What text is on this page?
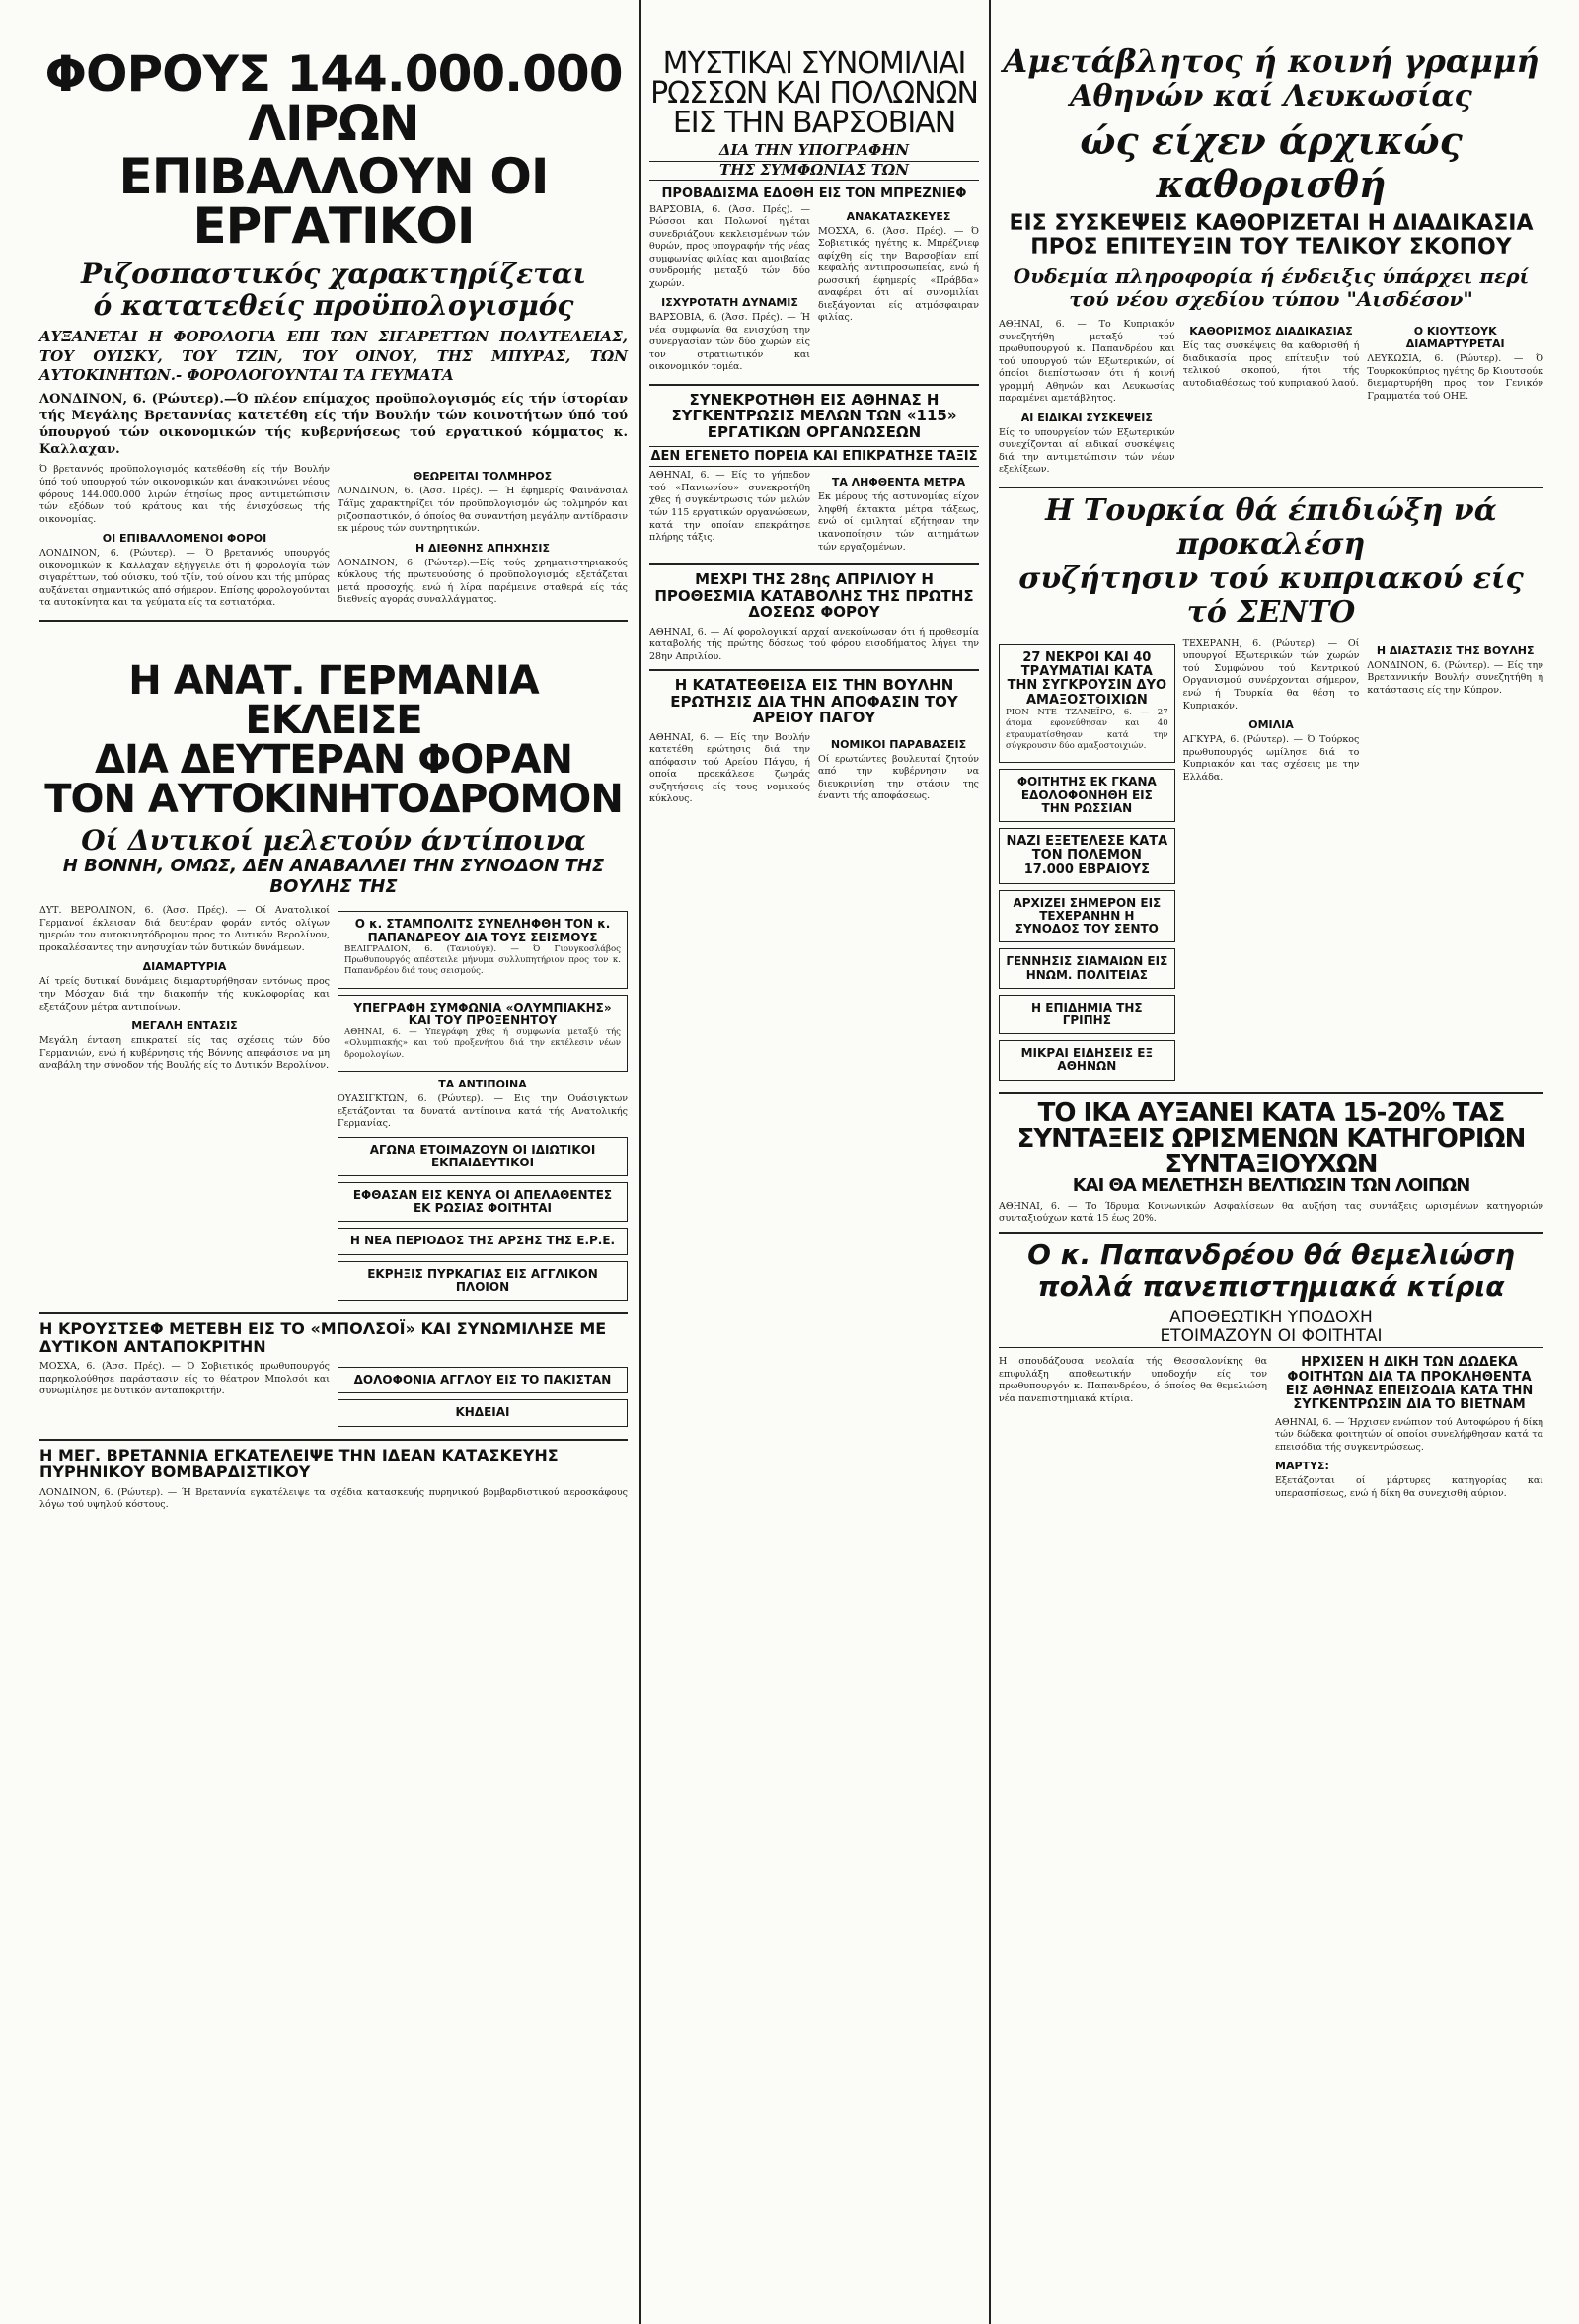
ΦΟΡΟΥΣ 144.000.000 ΛΙΡΩΝ
ΕΠΙΒΑΛΛΟΥΝ ΟΙ ΕΡΓΑΤΙΚΟΙ
Ριζοσπαστικός χαρακτηρίζεται
ό κατατεθείς προϋπολογισμός
ΑΥΞΑΝΕΤΑΙ Η ΦΟΡΟΛΟΓΙΑ ΕΠΙ ΤΩΝ ΣΙΓΑΡΕΤΤΩΝ ΠΟΛΥΤΕΛΕΙΑΣ, ΤΟΥ ΟΥΙΣΚΥ, ΤΟΥ ΤΖΙΝ, ΤΟΥ ΟΙΝΟΥ, ΤΗΣ ΜΠΥΡΑΣ, ΤΩΝ ΑΥΤΟΚΙΝΗΤΩΝ.- ΦΟΡΟΛΟΓΟΥΝΤΑΙ ΤΑ ΓΕΥΜΑΤΑ
ΛΟΝΔΙΝΟΝ, 6. (Ρώυτερ).—Ό πλέον επίμαχος προϋπολογισμός είς τήν ίστορίαν τής Μεγάλης Βρεταννίας κατετέθη είς τήν Βουλήν τών κοινοτήτων ύπό τού ύπουργού τών οικονομικών τής κυβερνήσεως τού εργατικού κόμματος κ. Καλλαχαν.

Ό βρεταννός προϋπολογισμός κατεθέσθη είς τήν Βουλήν ύπό τού υπουργού τών οικονομικών και άνακοινώνει νέους φόρους 144.000.000 λιρών έτησίως προς αντιμετώπισιν τών εξόδων τού κράτους και τής ένισχύσεως τής οικονομίας.

ΟΙ ΕΠΙΒΑΛΛΟΜΕΝΟΙ ΦΟΡΟΙ

ΛΟΝΔΙΝΟΝ, 6. (Ρώυτερ). — Ό βρεταννός υπουργός οικονομικών κ. Καλλαχαν εξήγγειλε ότι ή φορολογία τών σιγαρέττων, τού ούισκυ, τού τζίν, τού οίνου και τής μπύρας αυξάνεται σημαντικώς από σήμερον. Επίσης φορολογούνται τα αυτοκίνητα και τα γεύματα είς τα εστιατόρια.

ΘΕΩΡΕΙΤΑΙ ΤΟΛΜΗΡΟΣ

ΛΟΝΔΙΝΟΝ, 6. (Άσσ. Πρές). — Ή έφημερίς Φαϊνάνσιαλ Τάϊμς χαρακτηρίζει τόν προϋπολογισμόν ώς τολμηρόν και ριζοσπαστικόν, ό όποίος θα συναντήση μεγάλην αντίδρασιν εκ μέρους τών συντηρητικών.

Η ΔΙΕΘΝΗΣ ΑΠΗΧΗΣΙΣ

ΛΟΝΔΙΝΟΝ, 6. (Ρώυτερ).—Είς τούς χρηματιστηριακούς κύκλους τής πρωτευούσης ό προϋπολογισμός εξετάζεται μετά προσοχής, ενώ ή λίρα παρέμεινε σταθερά είς τάς διεθνείς αγοράς συναλλάγματος.

Η ΑΝΑΤ. ΓΕΡΜΑΝΙΑ ΕΚΛΕΙΣΕ
ΔΙΑ ΔΕΥΤΕΡΑΝ ΦΟΡΑΝ
ΤΟΝ ΑΥΤΟΚΙΝΗΤΟΔΡΟΜΟΝ
Οί Δυτικοί μελετούν άντίποινα
Η ΒΟΝΝΗ, ΟΜΩΣ, ΔΕΝ ΑΝΑΒΑΛΛΕΙ ΤΗΝ ΣΥΝΟΔΟΝ ΤΗΣ ΒΟΥΛΗΣ ΤΗΣ

ΔΥΤ. ΒΕΡΟΛΙΝΟΝ, 6. (Άσσ. Πρές). — Οί Ανατολικοί Γερμανοί έκλεισαν διά δευτέραν φοράν εντός ολίγων ημερών τον αυτοκινητόδρομον προς το Δυτικόν Βερολίνον, προκαλέσαντες την ανησυχίαν τών δυτικών δυνάμεων.

ΔΙΑΜΑΡΤΥΡΙΑ

Αί τρείς δυτικαί δυνάμεις διεμαρτυρήθησαν εντόνως προς την Μόσχαν διά την διακοπήν τής κυκλοφορίας και εξετάζουν μέτρα αντιποίνων.

ΜΕΓΑΛΗ ΕΝΤΑΣΙΣ

Μεγάλη ένταση επικρατεί είς τας σχέσεις τών δύο Γερμανιών, ενώ ή κυβέρνησις τής Βόννης απεφάσισε να μη αναβάλη την σύνοδον τής Βουλής είς το Δυτικόν Βερολίνον.

Ο κ. ΣΤΑΜΠΟΛΙΤΣ ΣΥΝΕΛΗΦΘΗ ΤΟΝ κ. ΠΑΠΑΝΔΡΕΟΥ ΔΙΑ ΤΟΥΣ ΣΕΙΣΜΟΥΣ

ΒΕΛΙΓΡΑΔΙΟΝ, 6. (Τανιούγκ). — Ό Γιουγκοσλάβος Πρωθυπουργός απέστειλε μήνυμα συλλυπητήριον προς τον κ. Παπανδρέου διά τους σεισμούς.

ΥΠΕΓΡΑΦΗ ΣΥΜΦΩΝΙΑ «ΟΛΥΜΠΙΑΚΗΣ» ΚΑΙ ΤΟΥ ΠΡΟΞΕΝΗΤΟΥ

ΑΘΗΝΑΙ, 6. — Υπεγράφη χθες ή συμφωνία μεταξύ τής «Ολυμπιακής» και τού προξενήτου διά την εκτέλεσιν νέων δρομολογίων.

ΤΑ ΑΝΤΙΠΟΙΝΑ

ΟΥΑΣΙΓΚΤΩΝ, 6. (Ρώυτερ). — Εις την Ουάσιγκτων εξετάζονται τα δυνατά αντίποινα κατά τής Ανατολικής Γερμανίας.

ΑΓΩΝΑ ΕΤΟΙΜΑΖΟΥΝ ΟΙ ΙΔΙΩΤΙΚΟΙ ΕΚΠΑΙΔΕΥΤΙΚΟΙ
ΕΦΘΑΣΑΝ ΕΙΣ ΚΕΝΥΑ ΟΙ ΑΠΕΛΑΘΕΝΤΕΣ ΕΚ ΡΩΣΙΑΣ ΦΟΙΤΗΤΑΙ
Η ΝΕΑ ΠΕΡΙΟΔΟΣ ΤΗΣ ΑΡΣΗΣ ΤΗΣ Ε.Ρ.Ε.
ΕΚΡΗΞΙΣ ΠΥΡΚΑΓΙΑΣ ΕΙΣ ΑΓΓΛΙΚΟΝ ΠΛΟΙΟΝ
Η ΚΡΟΥΣΤΣΕΦ ΜΕΤΕΒΗ ΕΙΣ ΤΟ «ΜΠΟΛΣΟΪ» ΚΑΙ ΣΥΝΩΜΙΛΗΣΕ ΜΕ ΔΥΤΙΚΟΝ ΑΝΤΑΠΟΚΡΙΤΗΝ

ΜΟΣΧΑ, 6. (Άσσ. Πρές). — Ό Σοβιετικός πρωθυπουργός παρηκολούθησε παράστασιν είς το θέατρον Μπολσόι και συνωμίλησε με δυτικόν ανταποκριτήν.

ΔΟΛΟΦΟΝΙΑ ΑΓΓΛΟΥ ΕΙΣ ΤΟ ΠΑΚΙΣΤΑΝ
ΚΗΔΕΙΑΙ
Η ΜΕΓ. ΒΡΕΤΑΝΝΙΑ ΕΓΚΑΤΕΛΕΙΨΕ ΤΗΝ ΙΔΕΑΝ ΚΑΤΑΣΚΕΥΗΣ ΠΥΡΗΝΙΚΟΥ ΒΟΜΒΑΡΔΙΣΤΙΚΟΥ

ΛΟΝΔΙΝΟΝ, 6. (Ρώυτερ). — Ή Βρεταννία εγκατέλειψε τα σχέδια κατασκευής πυρηνικού βομβαρδιστικού αεροσκάφους λόγω τού υψηλού κόστους.

ΜΥΣΤΙΚΑΙ ΣΥΝΟΜΙΛΙΑΙ
ΡΩΣΣΩΝ ΚΑΙ ΠΟΛΩΝΩΝ
ΕΙΣ ΤΗΝ ΒΑΡΣΟΒΙΑΝ
ΔΙΑ ΤΗΝ ΥΠΟΓΡΑΦΗΝ
ΤΗΣ ΣΥΜΦΩΝΙΑΣ ΤΩΝ
ΠΡΟΒΑΔΙΣΜΑ ΕΔΟΘΗ ΕΙΣ ΤΟΝ ΜΠΡΕΖΝΙΕΦ

ΒΑΡΣΟΒΙΑ, 6. (Άσσ. Πρές). — Ρώσσοι και Πολωνοί ηγέται συνεδριάζουν κεκλεισμένων τών θυρών, προς υπογραφήν τής νέας συμφωνίας φιλίας και αμοιβαίας συνδρομής μεταξύ τών δύο χωρών.

ΙΣΧΥΡΟΤΑΤΗ ΔΥΝΑΜΙΣ

ΒΑΡΣΟΒΙΑ, 6. (Άσσ. Πρές). — Ή νέα συμφωνία θα ενισχύση την συνεργασίαν τών δύο χωρών είς τον στρατιωτικόν και οικονομικόν τομέα.

ΑΝΑΚΑΤΑΣΚΕΥΕΣ

ΜΟΣΧΑ, 6. (Άσσ. Πρές). — Ό Σοβιετικός ηγέτης κ. Μπρέζνιεφ αφίχθη είς την Βαρσοβίαν επί κεφαλής αντιπροσωπείας, ενώ ή ρωσσική έφημερίς «Πράβδα» αναφέρει ότι αί συνομιλίαι διεξάγονται είς ατμόσφαιραν φιλίας.

ΣΥΝΕΚΡΟΤΗΘΗ ΕΙΣ ΑΘΗΝΑΣ Η ΣΥΓΚΕΝΤΡΩΣΙΣ ΜΕΛΩΝ ΤΩΝ «115» ΕΡΓΑΤΙΚΩΝ ΟΡΓΑΝΩΣΕΩΝ
ΔΕΝ ΕΓΕΝΕΤΟ ΠΟΡΕΙΑ ΚΑΙ ΕΠΙΚΡΑΤΗΣΕ ΤΑΞΙΣ

ΑΘΗΝΑΙ, 6. — Είς το γήπεδον τού «Πανιωνίου» συνεκροτήθη χθες ή συγκέντρωσις τών μελών τών 115 εργατικών οργανώσεων, κατά την οποίαν επεκράτησε πλήρης τάξις.

ΤΑ ΛΗΦΘΕΝΤΑ ΜΕΤΡΑ

Εκ μέρους τής αστυνομίας είχον ληφθή έκτακτα μέτρα τάξεως, ενώ οί ομιληταί εζήτησαν την ικανοποίησιν τών αιτημάτων τών εργαζομένων.

ΜΕΧΡΙ ΤΗΣ 28ης ΑΠΡΙΛΙΟΥ Η ΠΡΟΘΕΣΜΙΑ ΚΑΤΑΒΟΛΗΣ ΤΗΣ ΠΡΩΤΗΣ ΔΟΣΕΩΣ ΦΟΡΟΥ

ΑΘΗΝΑΙ, 6. — Αί φορολογικαί αρχαί ανεκοίνωσαν ότι ή προθεσμία καταβολής τής πρώτης δόσεως τού φόρου εισοδήματος λήγει την 28ην Απριλίου.

Η ΚΑΤΑΤΕΘΕΙΣΑ ΕΙΣ ΤΗΝ ΒΟΥΛΗΝ ΕΡΩΤΗΣΙΣ ΔΙΑ ΤΗΝ ΑΠΟΦΑΣΙΝ ΤΟΥ ΑΡΕΙΟΥ ΠΑΓΟΥ

ΑΘΗΝΑΙ, 6. — Είς την Βουλήν κατετέθη ερώτησις διά την απόφασιν τού Αρείου Πάγου, ή οποία προεκάλεσε ζωηράς συζητήσεις είς τους νομικούς κύκλους.

ΝΟΜΙΚΟΙ ΠΑΡΑΒΑΣΕΙΣ

Οί ερωτώντες βουλευταί ζητούν από την κυβέρνησιν να διευκρινίση την στάσιν της έναντι τής αποφάσεως.

Αμετάβλητος ή κοινή γραμμή
Αθηνών καί Λευκωσίας
ώς είχεν άρχικώς καθορισθή
ΕΙΣ ΣΥΣΚΕΨΕΙΣ ΚΑΘΟΡΙΖΕΤΑΙ Η ΔΙΑΔΙΚΑΣΙΑ
ΠΡΟΣ ΕΠΙΤΕΥΞΙΝ ΤΟΥ ΤΕΛΙΚΟΥ ΣΚΟΠΟΥ
Ουδεμία πληροφορία ή ένδειξις ύπάρχει περί τού νέου σχεδίου τύπου "Αισδέσον"

ΑΘΗΝΑΙ, 6. — Το Κυπριακόν συνεζητήθη μεταξύ τού πρωθυπουργού κ. Παπανδρέου και τού υπουργού τών Εξωτερικών, οί όποίοι διεπίστωσαν ότι ή κοινή γραμμή Αθηνών και Λευκωσίας παραμένει αμετάβλητος.

ΑΙ ΕΙΔΙΚΑΙ ΣΥΣΚΕΨΕΙΣ

Είς το υπουργείον τών Εξωτερικών συνεχίζονται αί ειδικαί συσκέψεις διά την αντιμετώπισιν τών νέων εξελίξεων.

ΚΑΘΟΡΙΣΜΟΣ ΔΙΑΔΙΚΑΣΙΑΣ

Είς τας συσκέψεις θα καθορισθή ή διαδικασία προς επίτευξιν τού τελικού σκοπού, ήτοι τής αυτοδιαθέσεως τού κυπριακού λαού.

Ο ΚΙΟΥΤΣΟΥΚ ΔΙΑΜΑΡΤΥΡΕΤΑΙ

ΛΕΥΚΩΣΙΑ, 6. (Ρώυτερ). — Ό Τουρκοκύπριος ηγέτης δρ Κιουτσούκ διεμαρτυρήθη προς τον Γενικόν Γραμματέα τού ΟΗΕ.

Η Τουρκία θά έπιδιώξη νά προκαλέση
συζήτησιν τού κυπριακού είς τό ΣΕΝΤΟ
27 ΝΕΚΡΟΙ ΚΑΙ 40 ΤΡΑΥΜΑΤΙΑΙ ΚΑΤΑ ΤΗΝ ΣΥΓΚΡΟΥΣΙΝ ΔΥΟ ΑΜΑΞΟΣΤΟΙΧΙΩΝ

ΡΙΟΝ ΝΤΕ ΤΖΑΝΕΪΡΟ, 6. — 27 άτομα εφονεύθησαν και 40 ετραυματίσθησαν κατά την σύγκρουσιν δύο αμαξοστοιχιών.

ΦΟΙΤΗΤΗΣ ΕΚ ΓΚΑΝΑ ΕΔΟΛΟΦΟΝΗΘΗ ΕΙΣ ΤΗΝ ΡΩΣΣΙΑΝ
ΝΑΖΙ ΕΞΕΤΕΛΕΣΕ ΚΑΤΑ ΤΟΝ ΠΟΛΕΜΟΝ 17.000 ΕΒΡΑΙΟΥΣ
ΑΡΧΙΖΕΙ ΣΗΜΕΡΟΝ ΕΙΣ ΤΕΧΕΡΑΝΗΝ Η ΣΥΝΟΔΟΣ ΤΟΥ ΣΕΝΤΟ
ΓΕΝΝΗΣΙΣ ΣΙΑΜΑΙΩΝ ΕΙΣ ΗΝΩΜ. ΠΟΛΙΤΕΙΑΣ
Η ΕΠΙΔΗΜΙΑ ΤΗΣ ΓΡΙΠΗΣ
ΜΙΚΡΑΙ ΕΙΔΗΣΕΙΣ ΕΞ ΑΘΗΝΩΝ

ΤΕΧΕΡΑΝΗ, 6. (Ρώυτερ). — Οί υπουργοί Εξωτερικών τών χωρών τού Συμφώνου τού Κεντρικού Οργανισμού συνέρχονται σήμερον, ενώ ή Τουρκία θα θέση το Κυπριακόν.

ΟΜΙΛΙΑ

ΑΓΚΥΡΑ, 6. (Ρώυτερ). — Ό Τούρκος πρωθυπουργός ωμίλησε διά το Κυπριακόν και τας σχέσεις με την Ελλάδα.

Η ΔΙΑΣΤΑΣΙΣ ΤΗΣ ΒΟΥΛΗΣ

ΛΟΝΔΙΝΟΝ, 6. (Ρώυτερ). — Είς την Βρεταννικήν Βουλήν συνεζητήθη ή κατάστασις είς την Κύπρον.

ΤΟ ΙΚΑ ΑΥΞΑΝΕΙ ΚΑΤΑ 15-20% ΤΑΣ ΣΥΝΤΑΞΕΙΣ ΩΡΙΣΜΕΝΩΝ ΚΑΤΗΓΟΡΙΩΝ ΣΥΝΤΑΞΙΟΥΧΩΝ
ΚΑΙ ΘΑ ΜΕΛΕΤΗΣΗ ΒΕΛΤΙΩΣΙΝ ΤΩΝ ΛΟΙΠΩΝ

ΑΘΗΝΑΙ, 6. — Το Ίδρυμα Κοινωνικών Ασφαλίσεων θα αυξήση τας συντάξεις ωρισμένων κατηγοριών συνταξιούχων κατά 15 έως 20%.

Ο κ. Παπανδρέου θά θεμελιώση
πολλά πανεπιστημιακά κτίρια
ΑΠΟΘΕΩΤΙΚΗ ΥΠΟΔΟΧΗ
ΕΤΟΙΜΑΖΟΥΝ ΟΙ ΦΟΙΤΗΤΑΙ

Η σπουδάζουσα νεολαία τής Θεσσαλονίκης θα επιφυλάξη αποθεωτικήν υποδοχήν είς τον πρωθυπουργόν κ. Παπανδρέου, ό όποίος θα θεμελιώση νέα πανεπιστημιακά κτίρια.

ΗΡΧΙΣΕΝ Η ΔΙΚΗ ΤΩΝ ΔΩΔΕΚΑ ΦΟΙΤΗΤΩΝ ΔΙΑ ΤΑ ΠΡΟΚΛΗΘΕΝΤΑ ΕΙΣ ΑΘΗΝΑΣ ΕΠΕΙΣΟΔΙΑ ΚΑΤΑ ΤΗΝ ΣΥΓΚΕΝΤΡΩΣΙΝ ΔΙΑ ΤΟ ΒΙΕΤΝΑΜ

ΑΘΗΝΑΙ, 6. — Ήρχισεν ενώπιον τού Αυτοφώρου ή δίκη τών δώδεκα φοιτητών οί οποίοι συνελήφθησαν κατά τα επεισόδια τής συγκεντρώσεως.

ΜΑΡΤΥΣ:

Εξετάζονται οί μάρτυρες κατηγορίας και υπερασπίσεως, ενώ ή δίκη θα συνεχισθή αύριον.
